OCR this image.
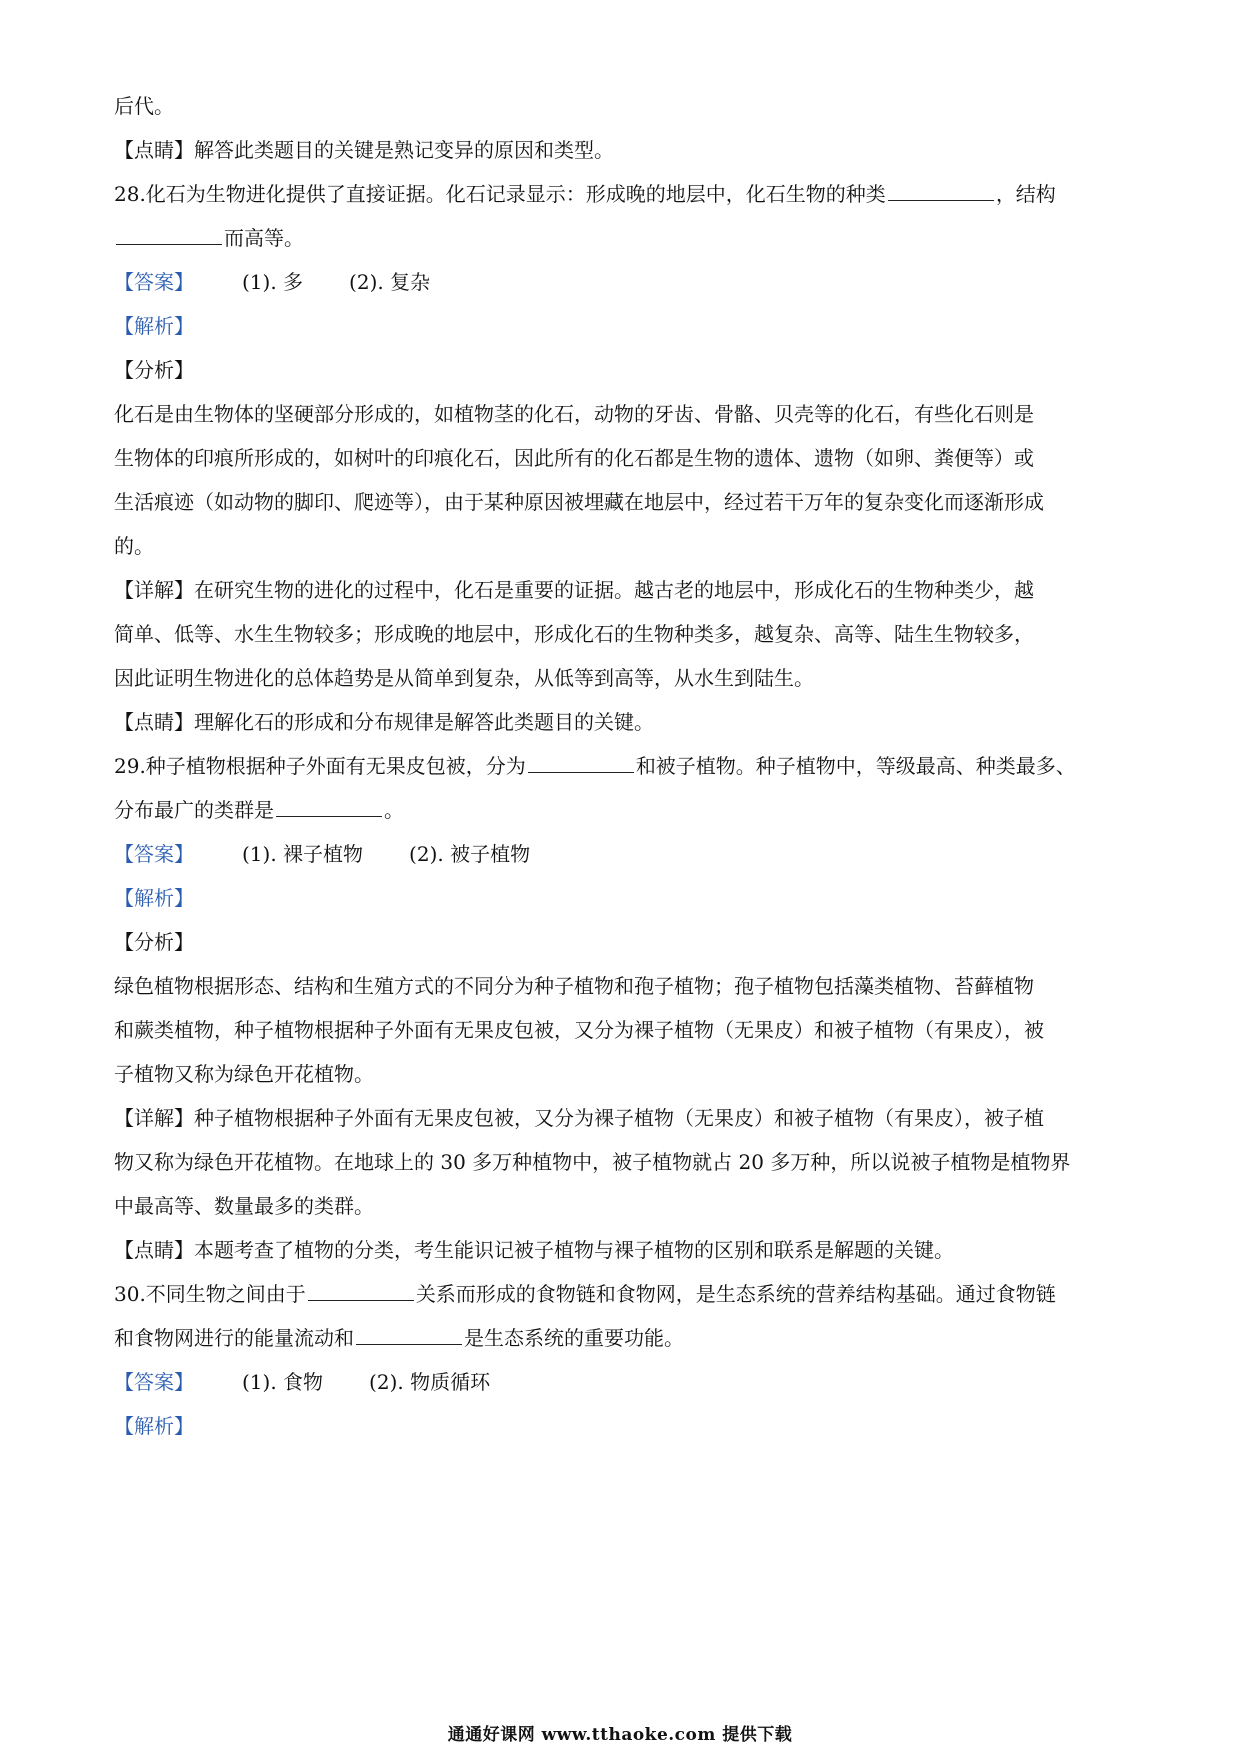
后代。
【点睛】解答此类题目的关键是熟记变异的原因和类型。
28.化石为生物进化提供了直接证据。化石记录显示：形成晚的地层中，化石生物的种类	，结构
而高等。
【答案】 (1). 多 (2). 复杂
【解析】
【分析】
化石是由生物体的坚硬部分形成的，如植物茎的化石，动物的牙齿、骨骼、贝壳等的化石，有些化石则是
生物体的印痕所形成的，如树叶的印痕化石，因此所有的化石都是生物的遗体、遗物（如卵、粪便等）或
生活痕迹（如动物的脚印、爬迹等），由于某种原因被埋藏在地层中，经过若干万年的复杂变化而逐渐形成
的。
【详解】在研究生物的进化的过程中，化石是重要的证据。越古老的地层中，形成化石的生物种类少，越
简单、低等、水生生物较多；形成晚的地层中，形成化石的生物种类多，越复杂、高等、陆生生物较多，
因此证明生物进化的总体趋势是从简单到复杂，从低等到高等，从水生到陆生。
【点睛】理解化石的形成和分布规律是解答此类题目的关键。
29.种子植物根据种子外面有无果皮包被，分为	和被子植物。种子植物中，等级最高、种类最多、
分布最广的类群是	。
【答案】 (1). 裸子植物 (2). 被子植物
【解析】
【分析】
绿色植物根据形态、结构和生殖方式的不同分为种子植物和孢子植物；孢子植物包括藻类植物、苔藓植物
和蕨类植物，种子植物根据种子外面有无果皮包被，又分为裸子植物（无果皮）和被子植物（有果皮），被
子植物又称为绿色开花植物。
【详解】种子植物根据种子外面有无果皮包被，又分为裸子植物（无果皮）和被子植物（有果皮），被子植
物又称为绿色开花植物。在地球上的 30 多万种植物中，被子植物就占 20 多万种，所以说被子植物是植物界
中最高等、数量最多的类群。
【点睛】本题考查了植物的分类，考生能识记被子植物与裸子植物的区别和联系是解题的关键。
30.不同生物之间由于	关系而形成的食物链和食物网，是生态系统的营养结构基础。通过食物链
和食物网进行的能量流动和	是生态系统的重要功能。
【答案】 (1). 食物 (2). 物质循环
【解析】
通通好课网 www.tthaoke.com 提供下载
